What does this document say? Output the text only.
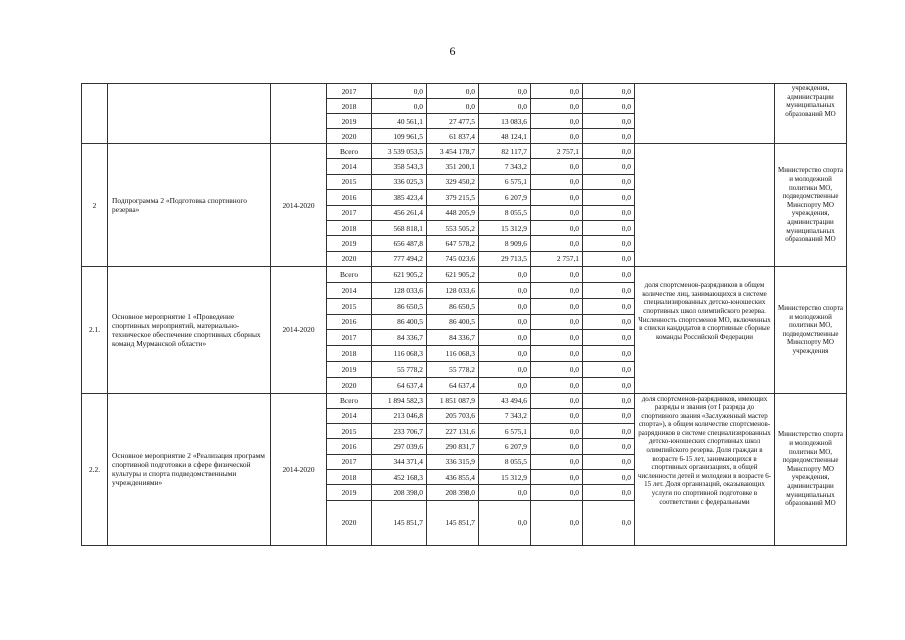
6
			2017	0,0	0,0	0,0	0,0	0,0		учреждения, администрации муниципальных образований МО
			2018	0,0	0,0	0,0	0,0	0,0		
			2019	40 561,1	27 477,5	13 083,6	0,0	0,0		
			2020	109 961,5	61 837,4	48 124,1	0,0	0,0		
2	Подпрограмма 2 «Подготовка спортивного резерва»	2014-2020	Всего	3 539 053,5	3 454 178,7	82 117,7	2 757,1	0,0		Министерство спорта и молодежной политики МО, подведомственные Минспорту МО учреждения, администрации муниципальных образований МО
			2014	358 543,3	351 200,1	7 343,2	0,0	0,0		
			2015	336 025,3	329 450,2	6 575,1	0,0	0,0		
			2016	385 423,4	379 215,5	6 207,9	0,0	0,0		
			2017	456 261,4	448 205,9	8 055,5	0,0	0,0		
			2018	568 818,1	553 505,2	15 312,9	0,0	0,0		
			2019	656 487,8	647 578,2	8 909,6	0,0	0,0		
			2020	777 494,2	745 023,6	29 713,5	2 757,1	0,0		
2.1.	Основное мероприятие 1 «Проведение спортивных мероприятий, материально-техническое обеспечение спортивных сборных команд Мурманской области»	2014-2020	Всего	621 905,2	621 905,2	0,0	0,0	0,0	доля спортсменов-разрядников в общем количестве лиц, занимающихся в системе специализированных детско-юношеских спортивных школ олимпийского резерва. Численность спортсменов МО, включенных в списки кандидатов в спортивные сборные команды Российской Федерации	Министерство спорта и молодежной политики МО, подведомственные Минспорту МО учреждения
			2014	128 033,6	128 033,6	0,0	0,0	0,0		
			2015	86 650,5	86 650,5	0,0	0,0	0,0		
			2016	86 400,5	86 400,5	0,0	0,0	0,0		
			2017	84 336,7	84 336,7	0,0	0,0	0,0		
			2018	116 068,3	116 068,3	0,0	0,0	0,0		
			2019	55 778,2	55 778,2	0,0	0,0	0,0		
			2020	64 637,4	64 637,4	0,0	0,0	0,0		
2.2.	Основное мероприятие 2 «Реализация программ спортивной подготовки в сфере физической культуры и спорта подведомственными учреждениями»	2014-2020	Всего	1 894 582,3	1 851 087,9	43 494,6	0,0	0,0	доля спортсменов-разрядников, имеющих разряды и звания (от I разряда до спортивного звания «Заслуженный мастер спорта»), в общем количестве спортсменов-разрядников в системе специализированных детско-юношеских спортивных школ олимпийского резерва. Доля граждан в возрасте 6-15 лет, занимающихся в спортивных организациях, в общей численности детей и молодежи в возрасте 6-15 лет. Доля организаций, оказывающих услуги по спортивной подготовке в соответствии с федеральными	Министерство спорта и молодежной политики МО, подведомственные Минспорту МО учреждения, администрации муниципальных образований МО
			2014	213 046,8	205 703,6	7 343,2	0,0	0,0		
			2015	233 706,7	227 131,6	6 575,1	0,0	0,0		
			2016	297 039,6	290 831,7	6 207,9	0,0	0,0		
			2017	344 371,4	336 315,9	8 055,5	0,0	0,0		
			2018	452 168,3	436 855,4	15 312,9	0,0	0,0		
			2019	208 398,0	208 398,0	0,0	0,0	0,0		
			2020	145 851,7	145 851,7	0,0	0,0	0,0		
